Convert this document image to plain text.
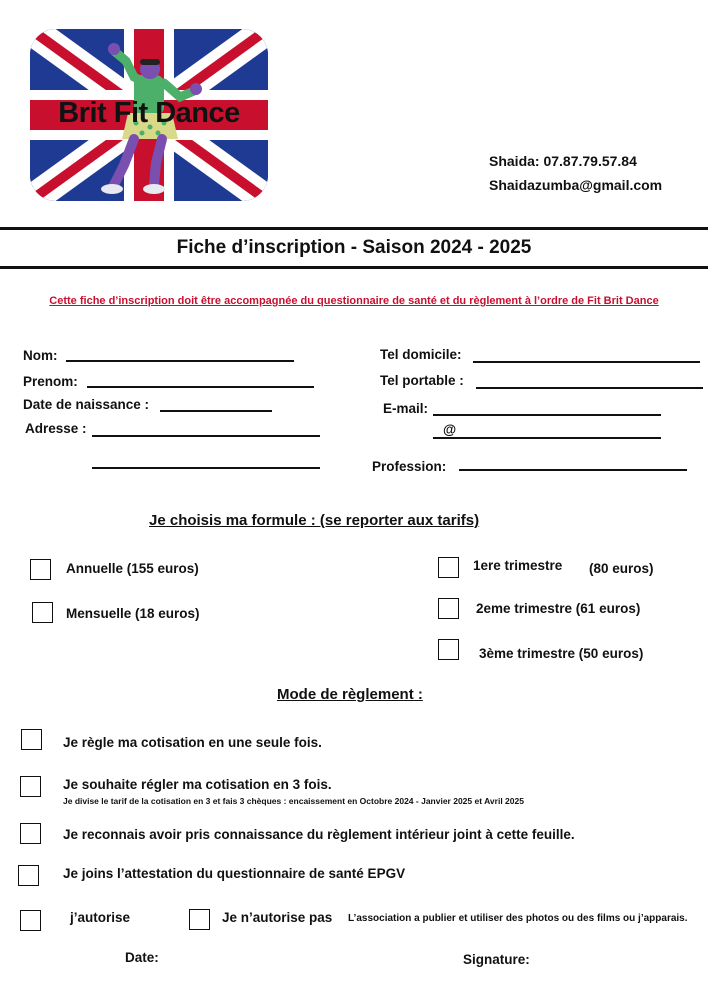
Brit Fit Dance
Shaida: 07.87.79.57.84
Shaidazumba@gmail.com
Fiche d’inscription - Saison 2024 - 2025
Cette fiche d’inscription doit être accompagnée du questionnaire de santé et du règlement à l’ordre de Fit Brit Dance
Nom:
Prenom:
Date de naissance :
Adresse :
Tel domicile:
Tel portable :
E-mail:
@
Profession:
Je choisis ma formule : (se reporter aux tarifs)
Annuelle (155 euros)
Mensuelle (18 euros)
1ere trimestre (80 euros)
2eme trimestre (61 euros)
3ème trimestre (50 euros)
Mode de règlement :
Je règle ma cotisation en une seule fois.
Je souhaite régler ma cotisation en 3 fois.
Je divise le tarif de la cotisation en 3 et fais 3 chèques : encaissement en Octobre 2024 - Janvier 2025 et Avril 2025
Je reconnais avoir pris connaissance du règlement intérieur joint à cette feuille.
Je joins l’attestation du questionnaire de santé EPGV
j’autorise	Je n’autorise pas L’association a publier et utiliser des photos ou des films ou j’apparais.
Date:	Signature:
